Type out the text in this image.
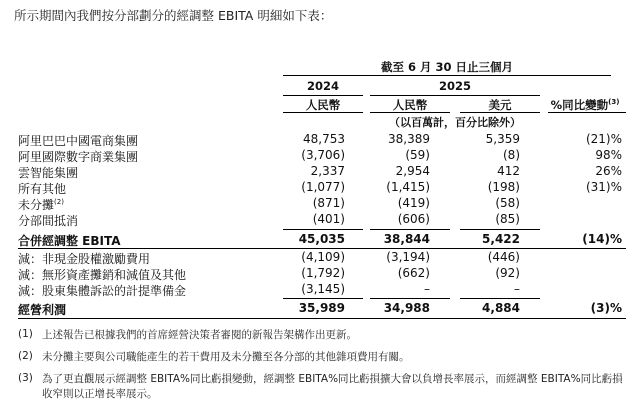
所示期間內我們按分部劃分的經調整 EBITA 明細如下表：
截至 6 月 30 日止三個月
2024	2025
人民幣	人民幣	美元	%同比變動$^{(3)}$
（以百萬計，百分比除外）
阿里巴巴中國電商集團	48,753	38,389	5,359	(21)%
阿里國際數字商業集團	(3,706)	(59)	(8)	98%
雲智能集團	2,337	2,954	412	26%
所有其他	(1,077)	(1,415)	(198)	(31)%
未分攤$^{(2)}$	(871)	(419)	(58)
分部間抵消	(401)	(606)	(85)
合併經調整 EBITA	45,035	38,844	5,422	(14)%
減：非現金股權激勵費用	(4,109)	(3,194)	(446)
減：無形資產攤銷和減值及其他	(1,792)	(662)	(92)
減：股東集體訴訟的計提準備金	(3,145)	–	–
經營利潤	35,989	34,988	4,884	(3)%
(1) 上述報告已根據我們的首席經營決策者審閱的新報告架構作出更新。
(2) 未分攤主要與公司職能產生的若干費用及未分攤至各分部的其他雜項費用有關。
(3) 為了更直觀展示經調整 EBITA%同比虧損變動，經調整 EBITA%同比虧損擴大會以負增長率展示，而經調整 EBITA%同比虧損收窄則以正增長率展示。
